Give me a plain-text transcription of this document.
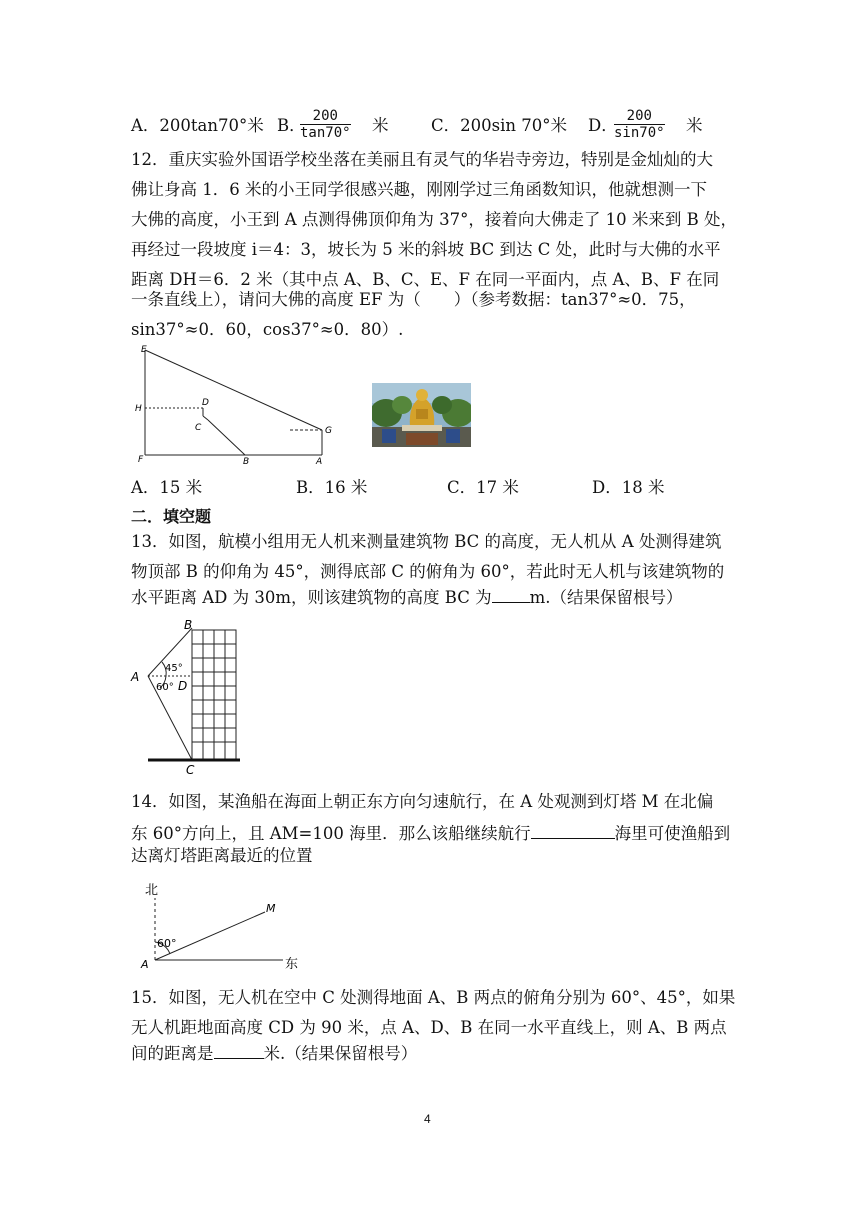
A．200tan70°米 B．
$\frac{200}{\tan 70^\circ}$ 米	C．200sin 70°米 D．
$\frac{200}{\sin 70^\circ}$ 米
12．重庆实验外国语学校坐落在美丽且有灵气的华岩寺旁边，特别是金灿灿的大
佛让身高 1．6 米的小王同学很感兴趣，刚刚学过三角函数知识，他就想测一下
大佛的高度，小王到 A 点测得佛顶仰角为 37°，接着向大佛走了 10 米来到 B 处，
再经过一段坡度 i＝4：3，坡长为 5 米的斜坡 BC 到达 C 处，此时与大佛的水平
距离 DH＝6．2 米（其中点 A、B、C、E、F 在同一平面内，点 A、B、F 在同
一条直线上），请问大佛的高度 EF 为（　　）（参考数据：tan37°≈0．75，
sin37°≈0．60，cos37°≈0．80）.
E
H
D
C	G
F	B	A
A．15 米	B．16 米	C．17 米	D．18 米
二．填空题
13．如图，航模小组用无人机来测量建筑物 BC 的高度，无人机从 A 处测得建筑
物顶部 B 的仰角为 45°，测得底部 C 的俯角为 60°，若此时无人机与该建筑物的
水平距离 AD 为 30m，则该建筑物的高度 BC 为 m.（结果保留根号）
B
A
D
C
45°
60°
14．如图，某渔船在海面上朝正东方向匀速航行，在 A 处观测到灯塔 M 在北偏
东 60°方向上，且 AM=100 海里．那么该船继续航行	海里可使渔船到
达离灯塔距离最近的位置
北
东
M
A
60°
15．如图，无人机在空中 C 处测得地面 A、B 两点的俯角分别为 60°、45°，如果
无人机距地面高度 CD 为 90 米，点 A、D、B 在同一水平直线上，则 A、B 两点
间的距离是	米.（结果保留根号）
4
